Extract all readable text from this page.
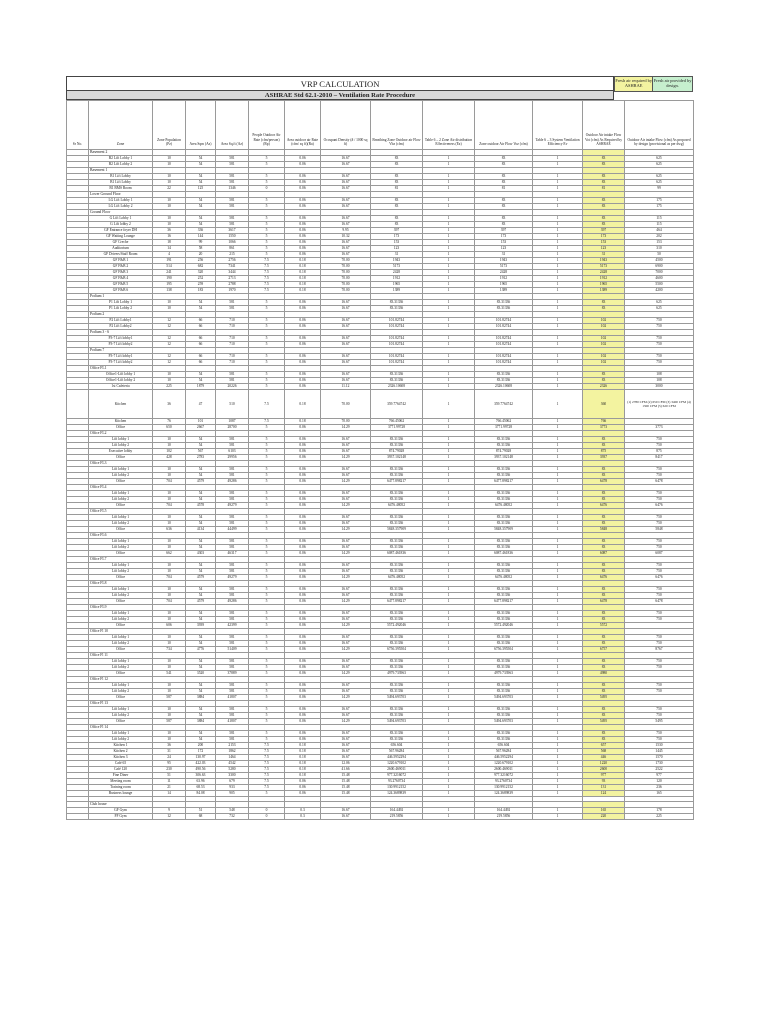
VRP CALCULATION	Fresh air required by ASHRAE
Fresh air provided by design.
ASHRAE Std 62.1-2010 – Ventilation Rate Procedure
Sr No.	Zone	Zone Population (Pz)	Area Sqm (Az)	Area Sq.ft (Az)	People Outdoor Air Rate (cfm/person) (Rp)	Area outdoor air Rate (cfm/ sq ft)(Ra)	Occupant Density (# / 1000 sq ft)	Breathing Zone Outdoor air Flow Vbz (cfm)	Table 6 – 2 Zone Air distribution Effectiveness (Ez)	Zone outdoor Air Flow Voz (cfm)	Table 6 – 3 System Ventilation Efficiency Ev	Outdoor Air intake Flow Vot (cfm) As Required by ASHRAE	Outdoor Air intake Flow (cfm) As proposed by design (provisional as per dwg)
	Basement 2												
	B2 Lift Lobby 1	10	54	581	5	0.06	16.67	83	1	83	1	83	625
	B2 Lift Lobby 2	10	54	581	5	0.06	16.67	83	1	83	1	83	625
	Basement 1												
	B1 Lift Lobby	10	54	581	5	0.06	16.67	83	1	83	1	83	625
	B1 Lift Lobby	10	54	581	5	0.06	16.67	83	1	83	1	83	625
	B1 BMS Room	22	125	1346	0	0.06	16.67	81	1	81	1	81	99
	Lower Ground Floor												
	LG Lift Lobby 1	10	54	581	5	0.06	16.67	83	1	83	1	83	175
	LG Lift Lobby 2	10	54	581	5	0.06	16.67	83	1	83	1	83	175
	Ground Floor												
	G Lift Lobby 1	10	54	581	5	0.06	16.67	83	1	83	1	83	115
	G Lift lobby 2	10	54	581	5	0.06	16.67	83	1	83	1	83	115
	GF Entrance foyer DH	36	336	3617	5	0.06	9.95	397	1	397	1	397	464
	GF Waiting Lounge	16	144	1550	5	0.06	10.32	173	1	173	1	173	202
	GF Creche	18	99	1066	5	0.06	16.67	153	1	153	1	153	153
	Auditorium	14	58	861	5	0.06	16.67	123	1	123	1	123	310
	GF Drivers/Staff Room	4	20	215	5	0.06	16.67	31	1	31	1	31	50
	GF F&B 1	191	256	2756	7.5	0.18	70.00	1943	1	1943	1	1943	4500
	GF F&B 2	514	682	7341	7.5	0.18	70.00	5173	1	5173	1	5173	6900
	GF F&B 3	241	320	3444	7.5	0.18	70.00	2428	1	2428	1	2428	7000
	GF F&B 4	190	252	2713	7.5	0.18	70.00	1912	1	1912	1	1912	4600
	GF F&B 5	195	259	2788	7.5	0.18	70.00	1965	1	1965	1	1965	5500
	GF F&B 6	138	183	1970	7.5	0.18	70.00	1389	1	1389	1	1389	4200
	Podium 1												
	P1 Lift Lobby 1	10	54	581	5	0.06	16.67	83.31336	1	83.31336	1	83	625
	P1 Lift Lobby 2	10	54	581	5	0.06	16.67	83.31336	1	83.31336	1	83	625
	Podium 2												
	P2 Lift Lobby1	12	66	710	5	0.06	16.67	101.82744	1	101.82744	1	102	750
	P2 Lift Lobby2	12	66	710	5	0.06	16.67	101.82744	1	101.82744	1	102	750
	Podium 3 - 6												
	P3-7 Lift lobby1	12	66	710	5	0.06	16.67	101.82744	1	101.82744	1	102	750
	P3-7 Lift lobby2	12	66	710	5	0.06	16.67	101.82744	1	101.82744	1	102	750
	Podium 7												
	P3-7 Lift lobby1	12	66	710	5	0.06	16.67	101.82744	1	101.82744	1	102	750
	P3-7 Lift lobby2	12	66	710	5	0.06	16.67	101.82744	1	101.82744	1	102	750
	Office FL1												
	Office1-Lift lobby 1	10	54	581	5	0.06	16.67	83.31336	1	83.31336	1	83	108
	Office1-Lift lobby 2	10	54	581	5	0.06	16.67	83.31336	1	83.31336	1	83	108
	1st Cafeteria	225	1879	20226	5	0.06	11.12	2326.10608	1	2326.10608	1	2326	3000
	Kitchen	36	47	510	7.5	0.18	70.00	359.7764742	1	359.7764742	1	360	(1) 2780 CFM (2) 650 CFM (3) 3400 CFM (4) 1300 CFM (5) 620 CFM
	Kitchen	76	101	1087	7.5	0.18	70.00	766.45062	1	766.45062	1	766	
	Office	650	2667	28700	5	0.06	14.29	3771.99728	1	3771.99728	1	3773	3773
	Office FL2												
	Lift lobby 1	10	54	581	5	0.06	16.67	83.31336	1	83.31336	1	83	750
	Lift lobby 2	10	54	581	5	0.06	16.67	83.31336	1	83.31336	1	83	750
	Executive lobby	102	567	6103	5	0.06	16.67	874.79028	1	874.79028	1	875	875
	Office	428	2783	29956	5	0.06	14.29	3937.102148	1	3937.102148	1	3937	8417
	Office FL3												
	Lift lobby 1	10	54	581	5	0.06	16.67	83.31336	1	83.31336	1	83	750
	Lift lobby 2	10	54	581	5	0.06	16.67	83.31336	1	83.31336	1	83	750
	Office	704	4579	49286	5	0.06	14.29	6477.898217	1	6477.898217	1	6478	6478
	Office FL4												
	Lift lobby 1	10	54	581	5	0.06	16.67	83.31336	1	83.31336	1	83	750
	Lift lobby 2	10	54	581	5	0.06	16.67	83.31336	1	83.31336	1	83	750
	Office	704	4578	49279	5	0.06	14.29	6476.48052	1	6476.48052	1	6476	6476
	Office FL5												
	Lift lobby 1	10	54	581	5	0.06	16.67	83.31336	1	83.31336	1	83	750
	Lift lobby 2	10	54	581	5	0.06	16.67	83.31336	1	83.31336	1	83	750
	Office	636	4134	44499	5	0.06	14.29	5848.357909	1	5848.357909	1	5848	5848
	Office FL6												
	Lift lobby 1	10	54	581	5	0.06	16.67	83.31336	1	83.31336	1	83	750
	Lift lobby 2	10	54	581	5	0.06	16.67	83.31336	1	83.31336	1	83	750
	Office	662	4303	46317	5	0.06	14.29	6087.461836	1	6087.461836	1	6087	6087
	Office FL7												
	Lift lobby 1	10	54	581	5	0.06	16.67	83.31336	1	83.31336	1	83	750
	Lift lobby 2	10	54	581	5	0.06	16.67	83.31336	1	83.31336	1	83	750
	Office	704	4579	49279	5	0.06	14.29	6476.48052	1	6476.48052	1	6476	6476
	Office FL8												
	Lift lobby 1	10	54	581	5	0.06	16.67	83.31336	1	83.31336	1	83	750
	Lift lobby 2	10	54	581	5	0.06	16.67	83.31336	1	83.31336	1	83	750
	Office	704	4579	49286	5	0.06	14.29	6477.898217	1	6477.898217	1	6478	6478
	Office FL9												
	Lift lobby 1	10	54	581	5	0.06	16.67	83.31336	1	83.31336	1	83	750
	Lift lobby 2	10	54	581	5	0.06	16.67	83.31336	1	83.31336	1	83	750
	Office	606	3939	42399	5	0.06	14.29	5572.492046	1	5572.492046	1	5572	
	Office Fl 10												
	Lift lobby 1	10	54	581	5	0.06	16.67	83.31336	1	83.31336	1	83	750
	Lift lobby 2	10	54	581	5	0.06	16.67	83.31336	1	83.31336	1	83	750
	Office	734	4776	51409	5	0.06	14.29	6756.395504	1	6756.395504	1	6757	8767
	Office Fl 11												
	Lift lobby 1	10	54	581	5	0.06	16.67	83.31336	1	83.31336	1	83	750
	Lift lobby 2	10	54	581	5	0.06	16.67	83.31336	1	83.31336	1	83	750
	Office	541	3520	37889	5	0.06	14.29	4979.733963	1	4979.733963	1	4980	
	Office Fl 12												
	Lift lobby 1	10	54	581	5	0.06	16.67	83.31336	1	83.31336	1	83	750
	Lift lobby 2	10	54	581	5	0.06	16.67	83.31336	1	83.31336	1	83	750
	Office	587	3884	41807	5	0.06	14.29	5494.693703	1	5494.693703	1	5495	
	Office Fl 13												
	Lift lobby 1	10	54	581	5	0.06	16.67	83.31336	1	83.31336	1	83	750
	Lift lobby 2	10	54	581	5	0.06	16.67	83.31336	1	83.31336	1	83	750
	Office	587	3884	41807	5	0.06	14.29	5494.693703	1	5494.693703	1	5495	5495
	Office Fl 14												
	Lift lobby 1	10	54	581	5	0.06	16.67	83.31336	1	83.31336	1	83	750
	Lift lobby 2	10	54	581	5	0.06	16.67	83.31336	1	83.31336	1	83	750
	Kitchen 1	36	200	2153	7.5	0.18	16.67	656.604	1	656.604	1	657	1530
	Kitchen 2	31	172	1862	7.5	0.18	16.67	567.96284	1	567.96284	1	568	1445
	Kitchen 3	24	130.97	1464	7.5	0.18	16.67	446.5952294	1	446.5952294	1	446	1570
	Café 65	95	422.03	4542	7.5	0.18	12.06	1220.679102	1	1220.679102	1	1220	1730
	Café 120	230	490.56	5280	7.5	0.18	41.66	2600.469011	1	2600.469011	1	2600	2522
	Fine Diner	51	306.63	3300	7.5	0.18	15.48	977.3216072	1	977.3216072	1	977	977
	Meeting room	11	63.96	679	7.5	0.06	15.48	93.2760734	1	93.2760734	1	93	120
	Training room	21	68.53	933	7.5	0.06	15.48	130.9912152	1	130.9912152	1	131	236
	Business lounge	14	84.08	905	5	0.06	15.48	124.3689839	1	124.3689839	1	124	165

	Club house												
	GF Gym	9	51	548	0	0.3	16.67	164.4492	1	164.4492	1	165	178
	FF Gym	12	68	732	0	0.3	16.67	219.5856	1	219.5856	1	220	225
